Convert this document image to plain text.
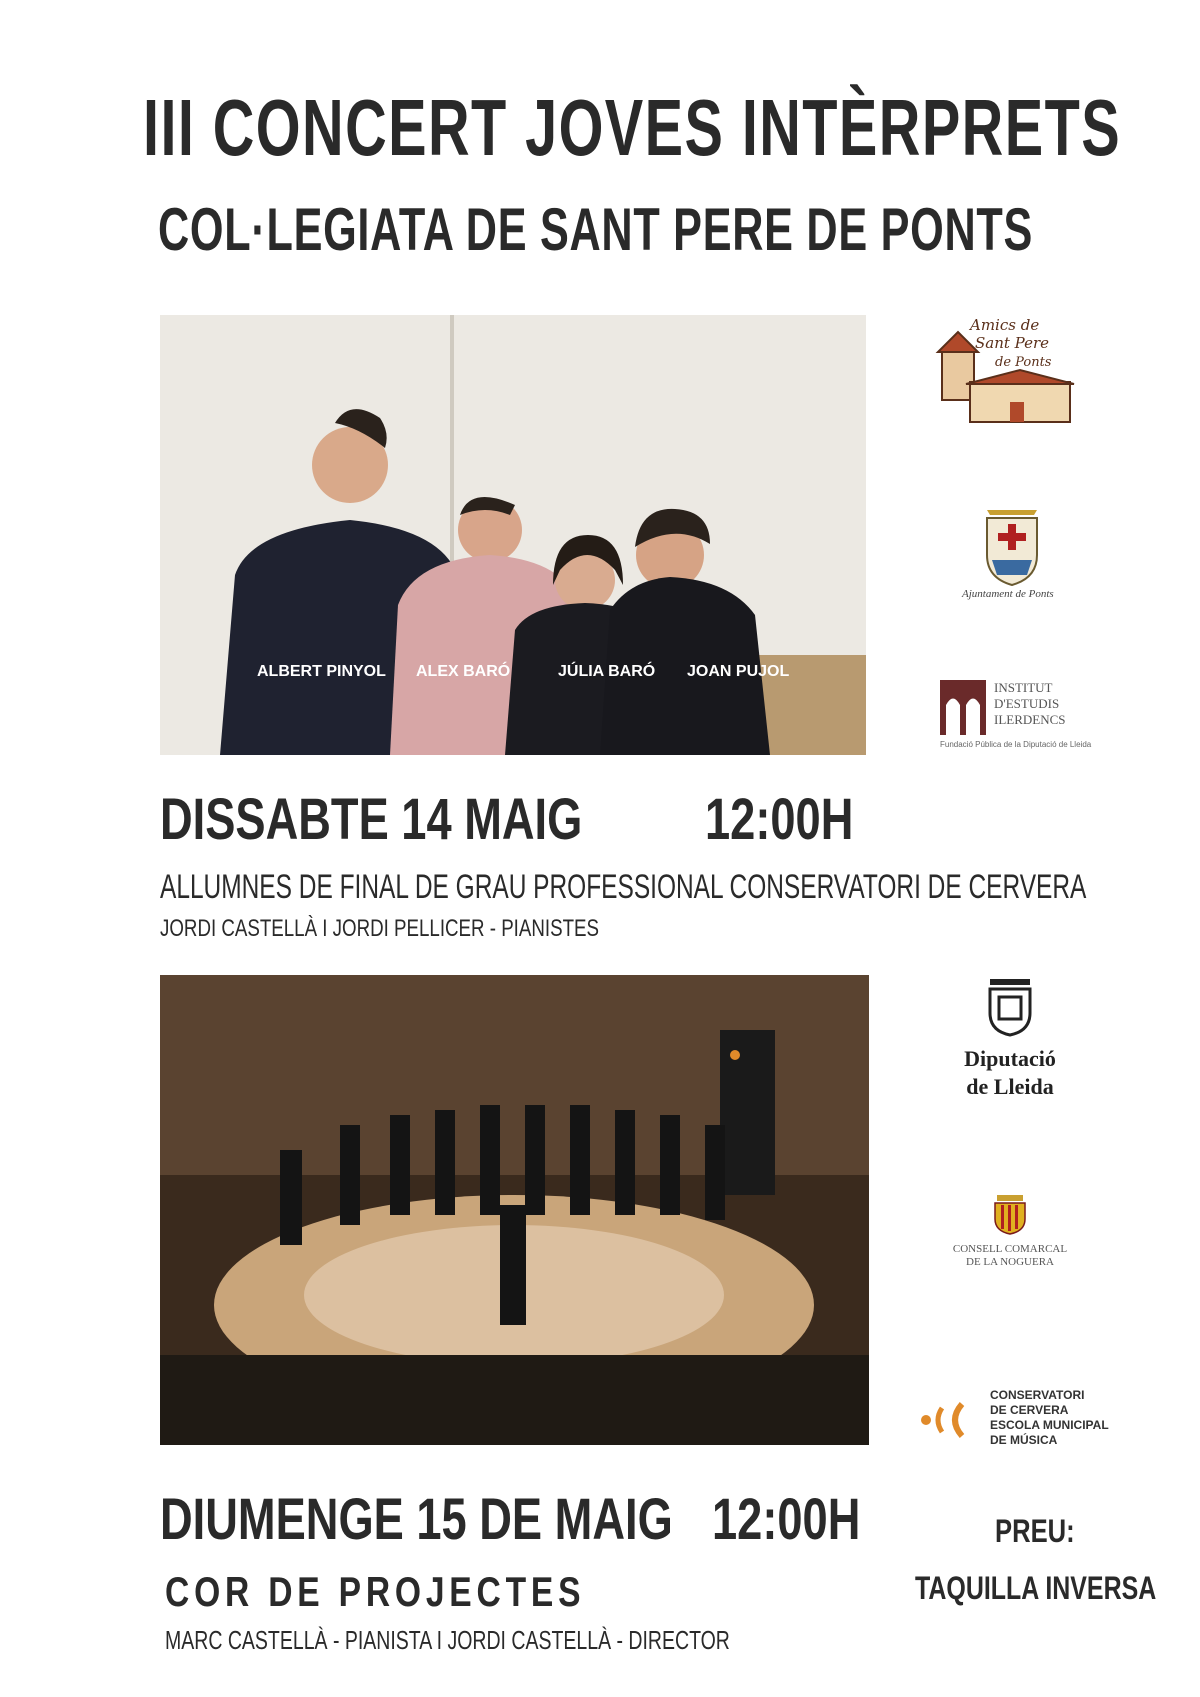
III CONCERT JOVES INTÈRPRETS
COL·LEGIATA DE SANT PERE DE PONTS
ALBERT PINYOL ALEX BARÓ	JÚLIA BARÓ JOAN PUJOL
DISSABTE 14 MAIG	12:00H
ALLUMNES DE FINAL DE GRAU PROFESSIONAL CONSERVATORI DE CERVERA
JORDI CASTELLÀ I JORDI PELLICER - PIANISTES
DIUMENGE 15 DE MAIG 12:00H
COR DE PROJECTES
MARC CASTELLÀ - PIANISTA I JORDI CASTELLÀ - DIRECTOR
PREU:
TAQUILLA INVERSA
Amics de
Sant Pere
de Ponts
Ajuntament de Ponts
INSTITUT
D'ESTUDIS
ILERDENCS
Fundació Pública de la Diputació de Lleida
Diputació
de Lleida
CONSELL COMARCAL
DE LA NOGUERA
CONSERVATORI
DE CERVERA
ESCOLA MUNICIPAL
DE MÚSICA
